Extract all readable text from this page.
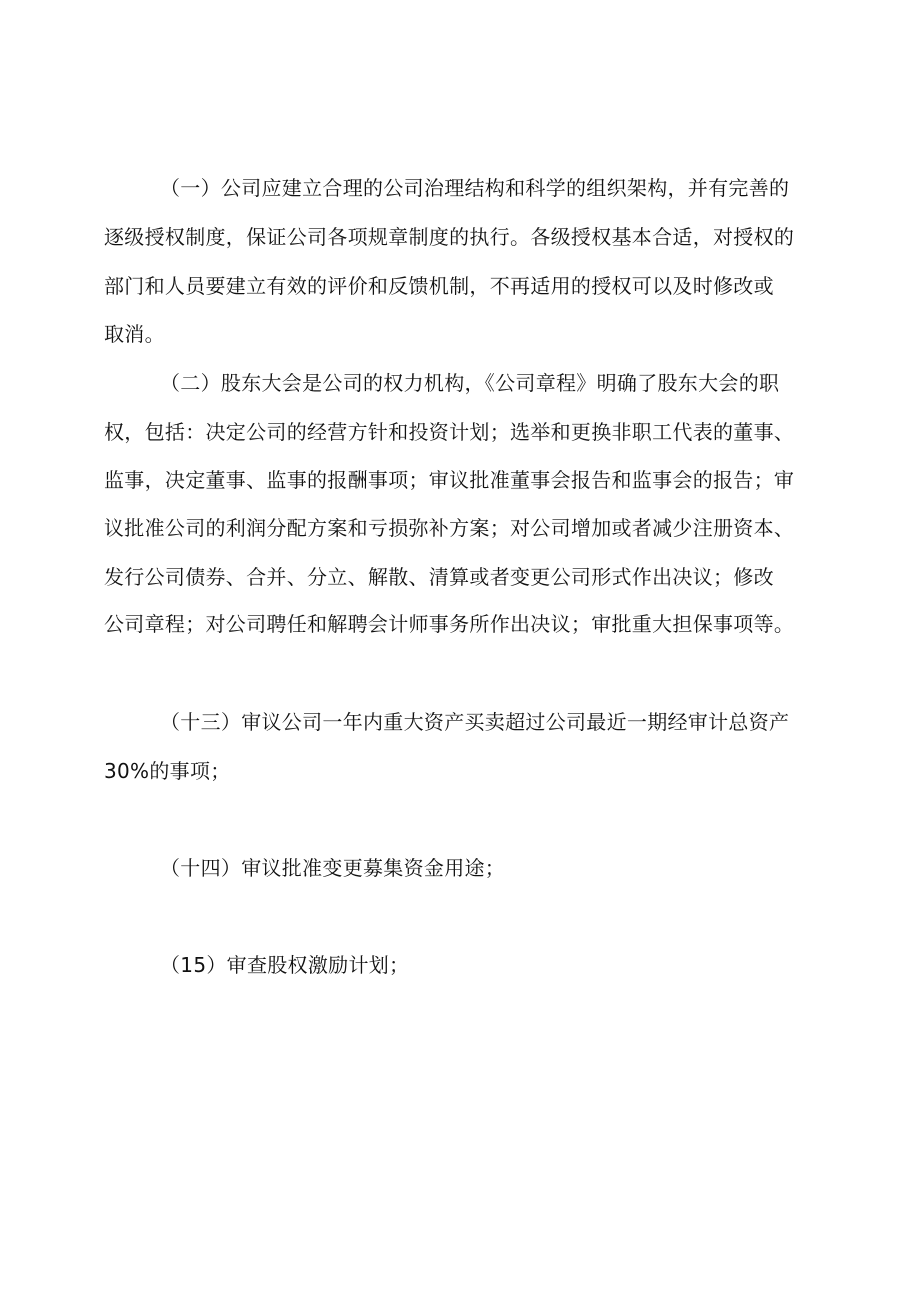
（一）公司应建立合理的公司治理结构和科学的组织架构，并有完善的
逐级授权制度，保证公司各项规章制度的执行。各级授权基本合适，对授权的
部门和人员要建立有效的评价和反馈机制，不再适用的授权可以及时修改或
取消。
（二）股东大会是公司的权力机构，《公司章程》明确了股东大会的职
权，包括：决定公司的经营方针和投资计划；选举和更换非职工代表的董事、
监事，决定董事、监事的报酬事项；审议批准董事会报告和监事会的报告；审
议批准公司的利润分配方案和亏损弥补方案；对公司增加或者减少注册资本、
发行公司债券、合并、分立、解散、清算或者变更公司形式作出决议；修改
公司章程；对公司聘任和解聘会计师事务所作出决议；审批重大担保事项等。
（十三）审议公司一年内重大资产买卖超过公司最近一期经审计总资产
30%的事项；
（十四）审议批准变更募集资金用途；
（15）审查股权激励计划；
